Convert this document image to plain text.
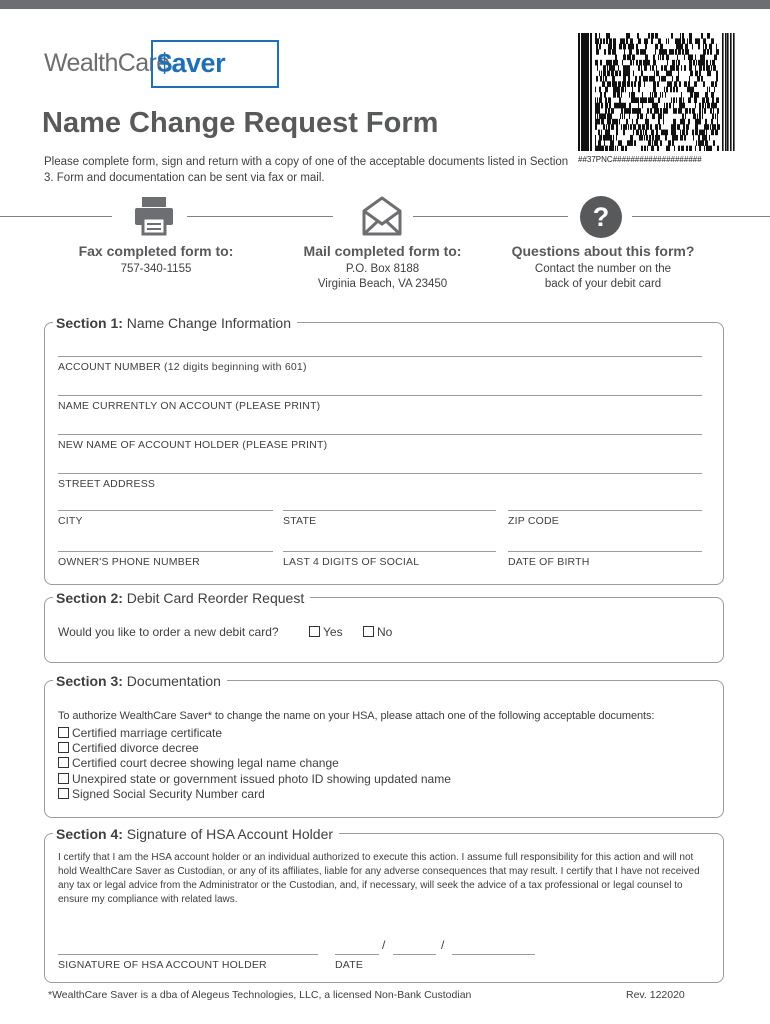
WealthCare
$aver
##37PNC####################
Name Change Request Form
Please complete form, sign and return with a copy of one of the acceptable documents listed in Section 3. Form and documentation can be sent via fax or mail.
?
Fax completed form to:
757-340-1155
Mail completed form to:
P.O. Box 8188
Virginia Beach, VA 23450
Questions about this form?
Contact the number on the
back of your debit card
Section 1: Name Change Information
ACCOUNT NUMBER (12 digits beginning with 601)
NAME CURRENTLY ON ACCOUNT (PLEASE PRINT)
NEW NAME OF ACCOUNT HOLDER (PLEASE PRINT)
STREET ADDRESS
CITY	STATE	ZIP CODE
OWNER'S PHONE NUMBER	LAST 4 DIGITS OF SOCIAL	DATE OF BIRTH
Section 2: Debit Card Reorder Request
Would you like to order a new debit card?	Yes	No
Section 3: Documentation
To authorize WealthCare Saver* to change the name on your HSA, please attach one of the following acceptable documents:
Certified marriage certificate
Certified divorce decree
Certified court decree showing legal name change
Unexpired state or government issued photo ID showing updated name
Signed Social Security Number card
Section 4: Signature of HSA Account Holder
I certify that I am the HSA account holder or an individual authorized to execute this action. I assume full responsibility for this action and will not hold WealthCare Saver as Custodian, or any of its affiliates, liable for any adverse consequences that may result. I certify that I have not received any tax or legal advice from the Administrator or the Custodian, and, if necessary, will seek the advice of a tax professional or legal counsel to ensure my compliance with related laws.
SIGNATURE OF HSA ACCOUNT HOLDER
/	/
DATE
*WealthCare Saver is a dba of Alegeus Technologies, LLC, a licensed Non-Bank Custodian	Rev. 122020
